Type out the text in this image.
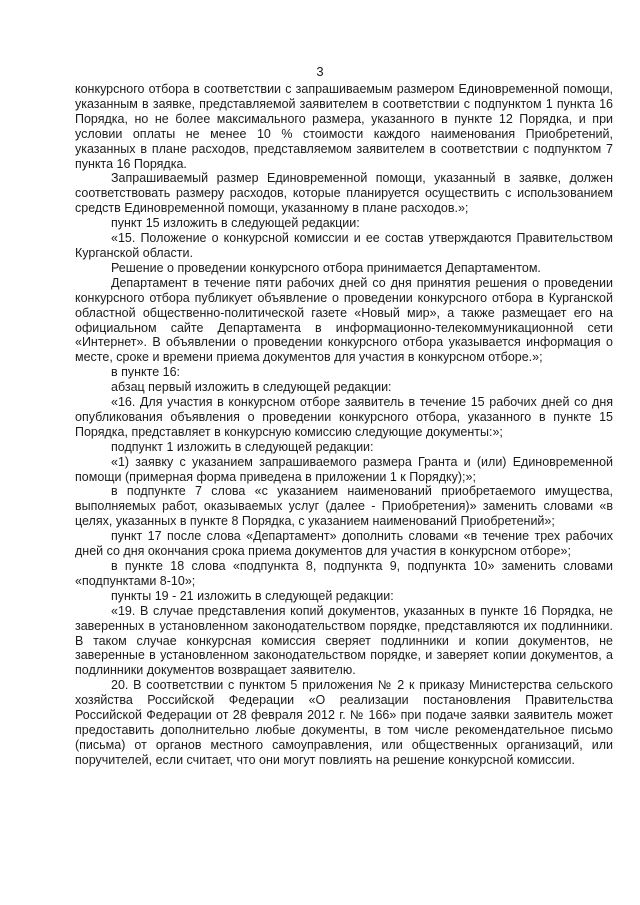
3

конкурсного отбора в соответствии с запрашиваемым размером Единовременной помощи, указанным в заявке, представляемой заявителем в соответствии с подпунктом 1 пункта 16 Порядка, но не более максимального размера, указанного в пункте 12 Порядка, и при условии оплаты не менее 10 % стоимости каждого наименования Приобретений, указанных в плане расходов, представляемом заявителем в соответствии с подпунктом 7 пункта 16 Порядка.

Запрашиваемый размер Единовременной помощи, указанный в заявке, должен соответствовать размеру расходов, которые планируется осуществить с использованием средств Единовременной помощи, указанному в плане расходов.»;

пункт 15 изложить в следующей редакции:

«15. Положение о конкурсной комиссии и ее состав утверждаются Правительством Курганской области.

Решение о проведении конкурсного отбора принимается Департаментом.

Департамент в течение пяти рабочих дней со дня принятия решения о проведении конкурсного отбора публикует объявление о проведении конкурсного отбора в Курганской областной общественно-политической газете «Новый мир», а также размещает его на официальном сайте Департамента в информационно-телекоммуникационной сети «Интернет». В объявлении о проведении конкурсного отбора указывается информация о месте, сроке и времени приема документов для участия в конкурсном отборе.»;

в пункте 16:

абзац первый изложить в следующей редакции:

«16. Для участия в конкурсном отборе заявитель в течение 15 рабочих дней со дня опубликования объявления о проведении конкурсного отбора, указанного в пункте 15 Порядка, представляет в конкурсную комиссию следующие документы:»;

подпункт 1 изложить в следующей редакции:

«1) заявку с указанием запрашиваемого размера Гранта и (или) Единовременной помощи (примерная форма приведена в приложении 1 к Порядку);»;

в подпункте 7 слова «с указанием наименований приобретаемого имущества, выполняемых работ, оказываемых услуг (далее - Приобретения)» заменить словами «в целях, указанных в пункте 8 Порядка, с указанием наименований Приобретений»;

пункт 17 после слова «Департамент» дополнить словами «в течение трех рабочих дней со дня окончания срока приема документов для участия в конкурсном отборе»;

в пункте 18 слова «подпункта 8, подпункта 9, подпункта 10» заменить словами «подпунктами 8-10»;

пункты 19 - 21 изложить в следующей редакции:

«19. В случае представления копий документов, указанных в пункте 16 Порядка, не заверенных в установленном законодательством порядке, представляются их подлинники. В таком случае конкурсная комиссия сверяет подлинники и копии документов, не заверенные в установленном законодательством порядке, и заверяет копии документов, а подлинники документов возвращает заявителю.

20. В соответствии с пунктом 5 приложения № 2 к приказу Министерства сельского хозяйства Российской Федерации «О реализации постановления Правительства Российской Федерации от 28 февраля 2012 г. № 166» при подаче заявки заявитель может предоставить дополнительно любые документы, в том числе рекомендательное письмо (письма) от органов местного самоуправления, или общественных организаций, или поручителей, если считает, что они могут повлиять на решение конкурсной комиссии.
